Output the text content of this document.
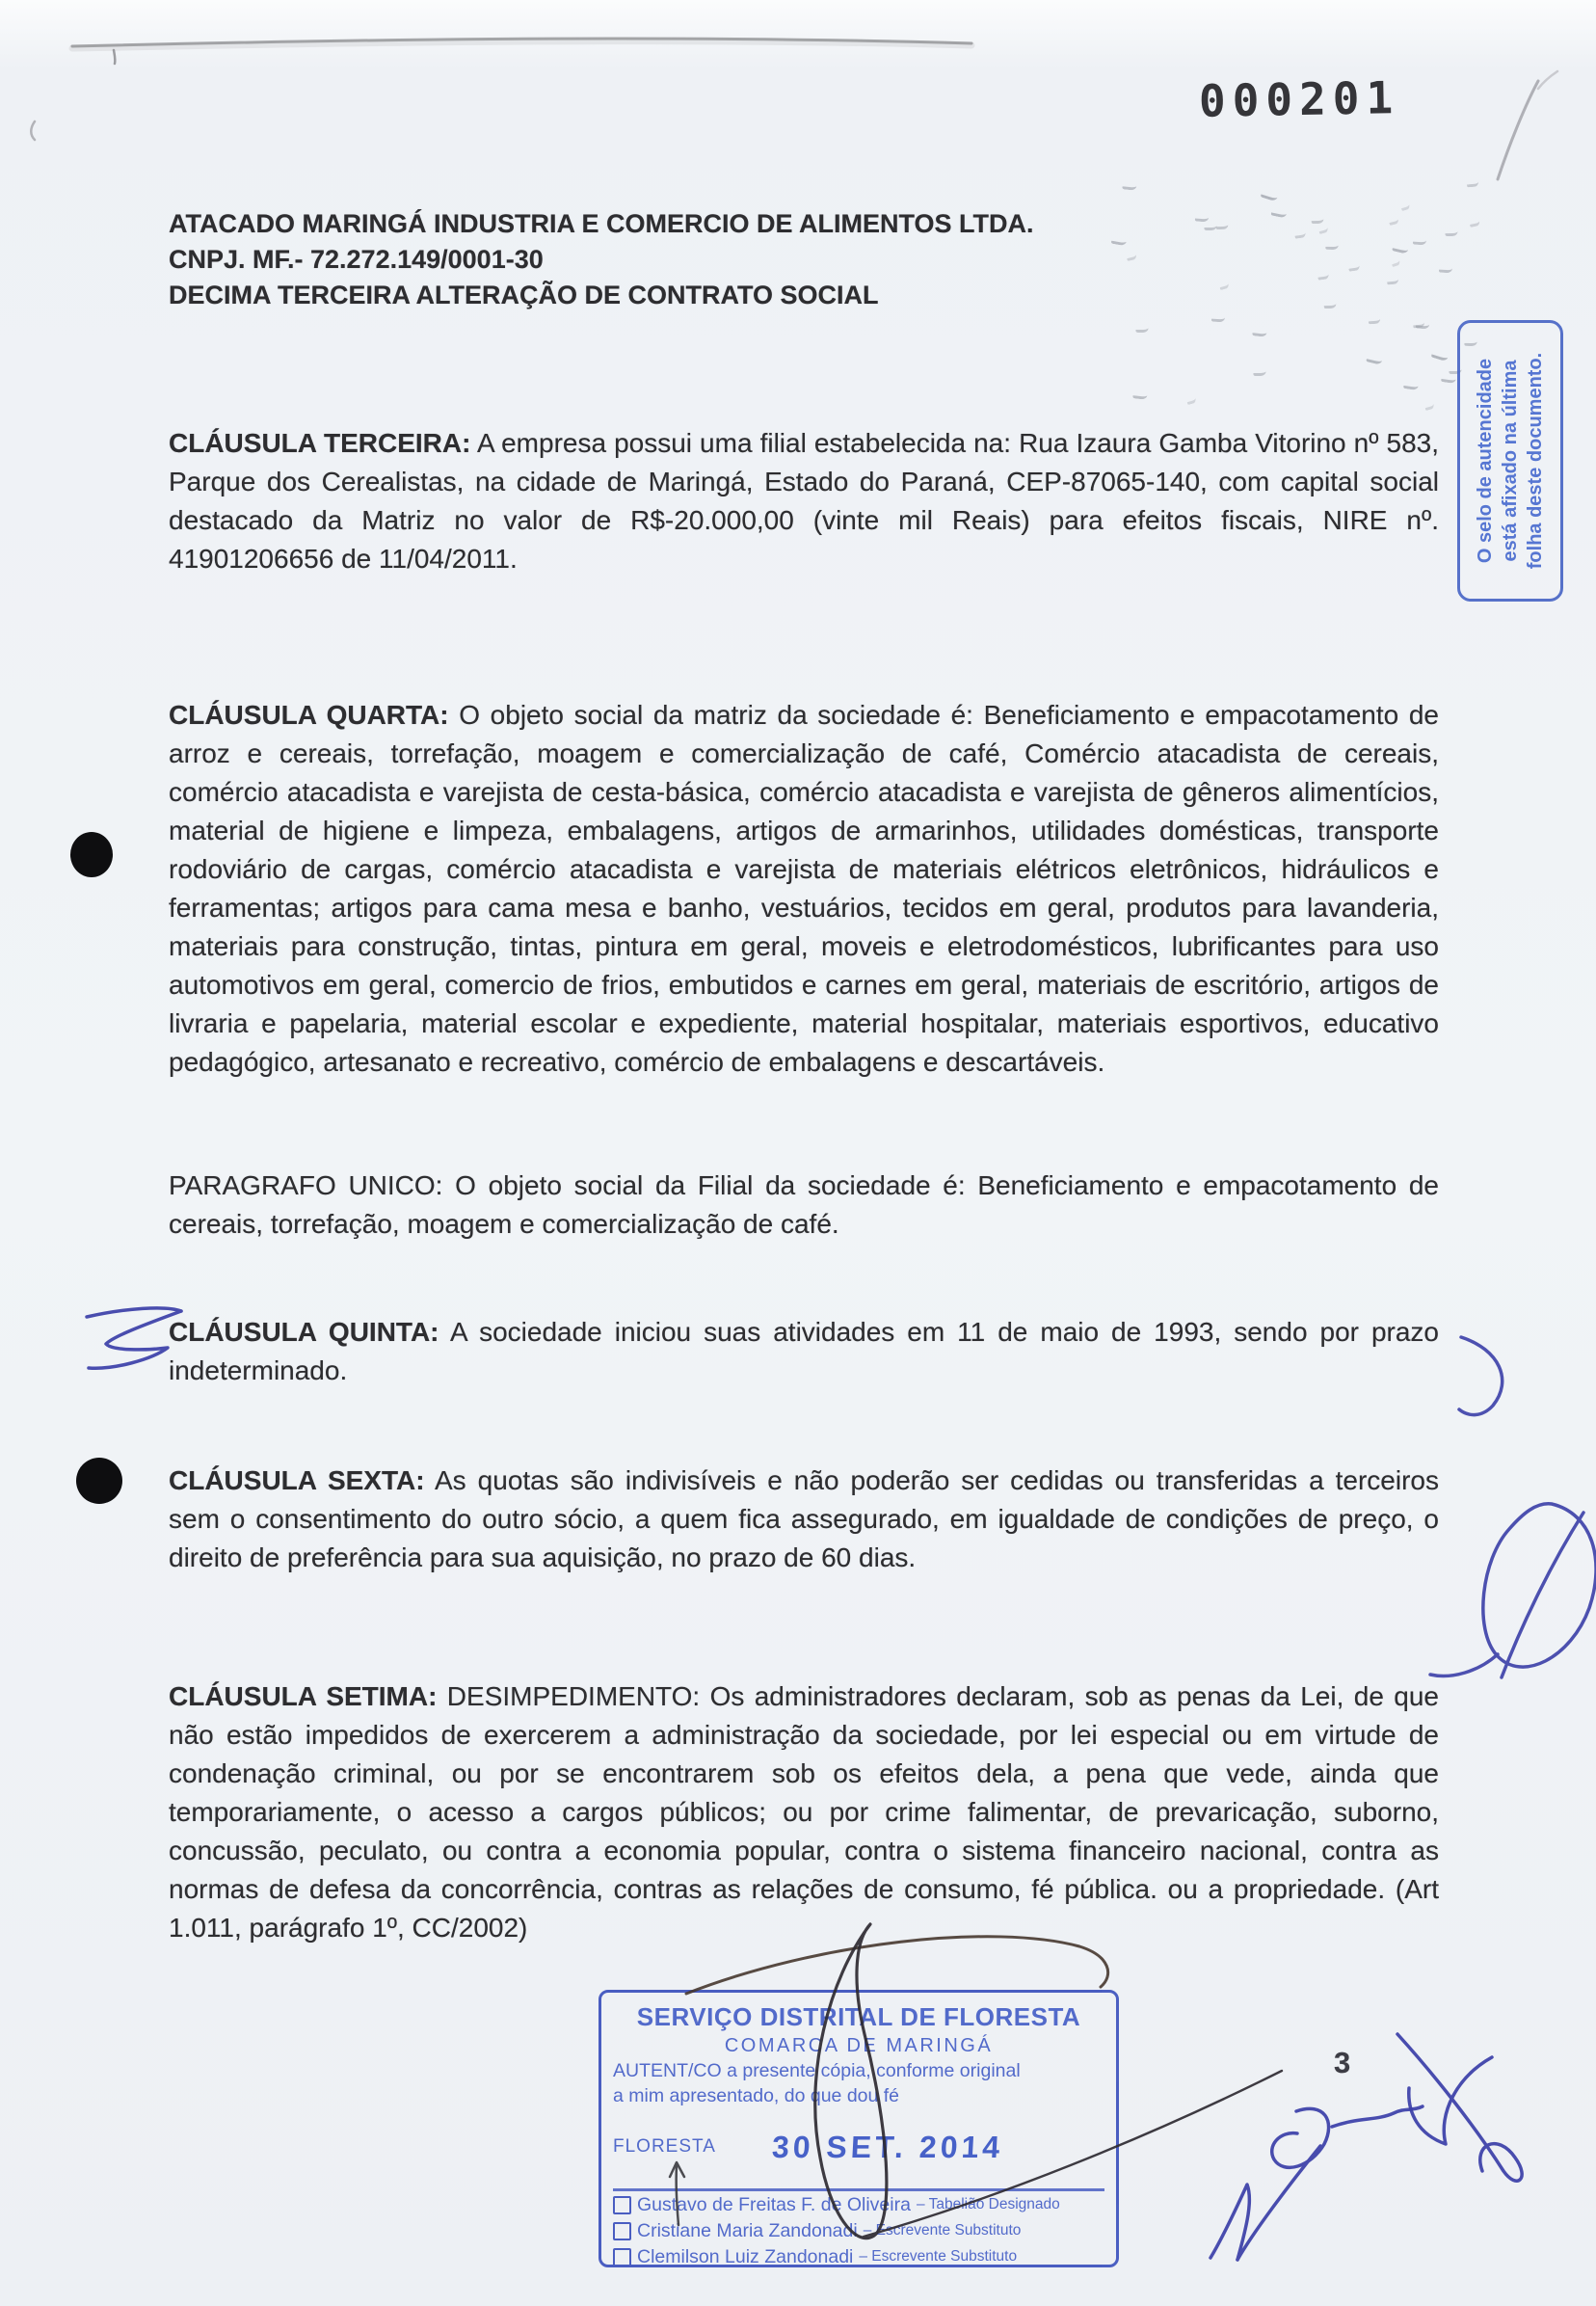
000201
ATACADO MARINGÁ INDUSTRIA E COMERCIO DE ALIMENTOS LTDA.
CNPJ. MF.- 72.272.149/0001-30
DECIMA TERCEIRA ALTERAÇÃO DE CONTRATO SOCIAL

CLÁUSULA TERCEIRA: A empresa possui uma filial estabelecida na: Rua Izaura Gamba Vitorino nº 583, Parque dos Cerealistas, na cidade de Maringá, Estado do Paraná, CEP-87065-140, com capital social destacado da Matriz no valor de R$-20.000,00 (vinte mil Reais) para efeitos fiscais, NIRE nº. 41901206656 de 11/04/2011.

CLÁUSULA QUARTA: O objeto social da matriz da sociedade é: Beneficiamento e empacotamento de arroz e cereais, torrefação, moagem e comercialização de café, Comércio atacadista de cereais, comércio atacadista e varejista de cesta-básica, comércio atacadista e varejista de gêneros alimentícios, material de higiene e limpeza, embalagens, artigos de armarinhos, utilidades domésticas, transporte rodoviário de cargas, comércio atacadista e varejista de materiais elétricos eletrônicos, hidráulicos e ferramentas; artigos para cama mesa e banho, vestuários, tecidos em geral, produtos para lavanderia, materiais para construção, tintas, pintura em geral, moveis e eletrodomésticos, lubrificantes para uso automotivos em geral, comercio de frios, embutidos e carnes em geral, materiais de escritório, artigos de livraria e papelaria, material escolar e expediente, material hospitalar, materiais esportivos, educativo pedagógico, artesanato e recreativo, comércio de embalagens e descartáveis.

PARAGRAFO UNICO: O objeto social da Filial da sociedade é: Beneficiamento e empacotamento de cereais, torrefação, moagem e comercialização de café.

CLÁUSULA QUINTA: A sociedade iniciou suas atividades em 11 de maio de 1993, sendo por prazo indeterminado.

CLÁUSULA SEXTA: As quotas são indivisíveis e não poderão ser cedidas ou transferidas a terceiros sem o consentimento do outro sócio, a quem fica assegurado, em igualdade de condições de preço, o direito de preferência para sua aquisição, no prazo de 60 dias.

CLÁUSULA SETIMA: DESIMPEDIMENTO: Os administradores declaram, sob as penas da Lei, de que não estão impedidos de exercerem a administração da sociedade, por lei especial ou em virtude de condenação criminal, ou por se encontrarem sob os efeitos dela, a pena que vede, ainda que temporariamente, o acesso a cargos públicos; ou por crime falimentar, de prevaricação, suborno, concussão, peculato, ou contra a economia popular, contra o sistema financeiro nacional, contra as normas de defesa da concorrência, contras as relações de consumo, fé pública. ou a propriedade. (Art 1.011, parágrafo 1º, CC/2002)

O selo de autencidade está afixado na última folha deste documento.
SERVIÇO DISTRITAL DE FLORESTA
COMARCA DE MARINGÁ
AUTENT/CO a presente cópia, conforme original
a mim apresentado, do que dou fé
FLORESTA 30 SET. 2014
Gustavo de Freitas F. de Oliveira – Tabelião Designado
Cristiane Maria Zandonadi – Escrevente Substituto
Clemilson Luiz Zandonadi – Escrevente Substituto
3
